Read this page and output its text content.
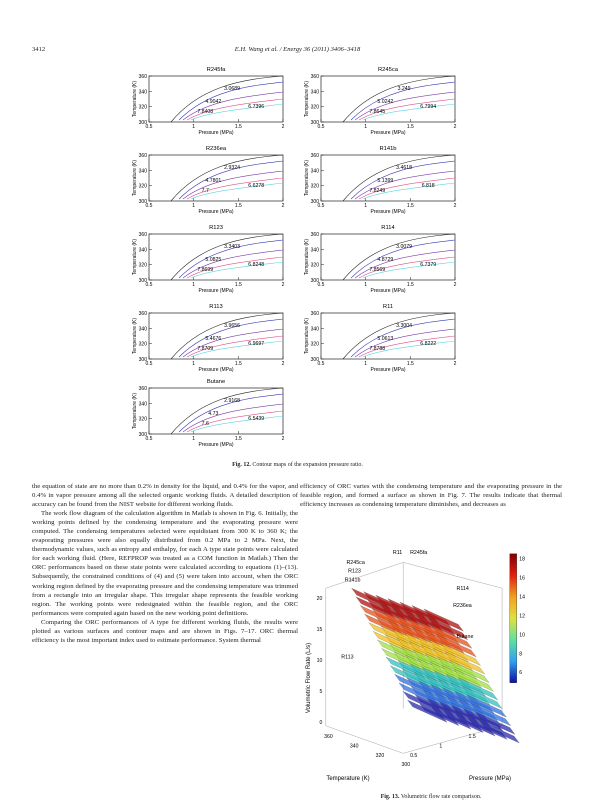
3412	E.H. Wang et al. / Energy 36 (2011) 3406–3418
R245fa
360
340
320
300
0.5	1	1.5	2
Pressure (MPa)
Temperature (K)	3.0689
4.9042
6.7396
7.8408
R245ca
360
340
320
300
0.5	1	1.5	2
Pressure (MPa)
Temperature (K)	3.249
5.0242
6.7994
7.8645
R236ea
360
340
320
300
0.5	1	1.5	2
Pressure (MPa)
Temperature (K)	2.9324
4.7801
6.6278
7.7
R141b
360
340
320
300
0.5	1	1.5	2
Pressure (MPa)
Temperature (K)	3.4618
5.1399
6.818
7.8249
R123
360
340
320
300
0.5	1	1.5	2
Pressure (MPa)
Temperature (K)	3.3403
5.0825
6.8248
7.8699
R114
360
340
320
300
0.5	1	1.5	2
Pressure (MPa)
Temperature (K)	3.0079
4.8729
6.7379
7.8569
R113
360
340
320
300
0.5	1	1.5	2
Pressure (MPa)
Temperature (K)	3.9656
5.4676
6.9697
7.8709
R11
360
340
320
300
0.5	1	1.5	2
Pressure (MPa)
Temperature (K)	3.3004
5.0613
6.8222
7.8788
Butane
360
340
320
300
0.5	1	1.5	2
Pressure (MPa)
Temperature (K)	2.9168
4.73
6.5439
7.6
Fig. 12. Contour maps of the expansion pressure ratio.

the equation of state are no more than 0.2% in density for the liquid, and 0.4% for the vapor, and 0.4% in vapor pressure among all the selected organic working fluids. A detailed description of accuracy can be found from the NIST website for different working fluids.

The work flow diagram of the calculation algorithm in Matlab is shown in Fig. 6. Initially, the working points defined by the condensing temperature and the evaporating pressure were computed. The condensing temperatures selected were equidistant from 300 K to 360 K; the evaporating pressures were also equally distributed from 0.2 MPa to 2 MPa. Next, the thermodynamic values, such as entropy and enthalpy, for each A type state points were calculated for each working fluid. (Here, REFPROP was treated as a COM function in Matlab.) Then the ORC performances based on these state points were calculated according to equations (1)–(13). Subsequently, the constrained conditions of (4) and (5) were taken into account, when the ORC working region defined by the evaporating pressure and the condensing temperature was trimmed from a rectangle into an irregular shape. This irregular shape represents the feasible working region. The working points were redesignated within the feasible region, and the ORC performances were computed again based on the new working point definitions.

Comparing the ORC performances of A type for different working fluids, the results were plotted as various surfaces and contour maps and are shown in Figs. 7–17. ORC thermal efficiency is the most important index used to estimate performance. System thermal

efficiency of ORC varies with the condensing temperature and the evaporating pressure in the feasible region, and formed a surface as shown in Fig. 7. The results indicate that thermal efficiency increases as condensing temperature diminishes, and decreases as

Volumetric Flow Rate (L/s)
Pressure (MPa)
Temperature (K)
20
15
10
5
0
360
340
320
300
0.5
1
1.5
R11 R245fa
R245ca
R123
R141b
R114
R236ea
Butane
R113
18
16
14
12
10
8
6
Fig. 13. Volumetric flow rate comparison.
